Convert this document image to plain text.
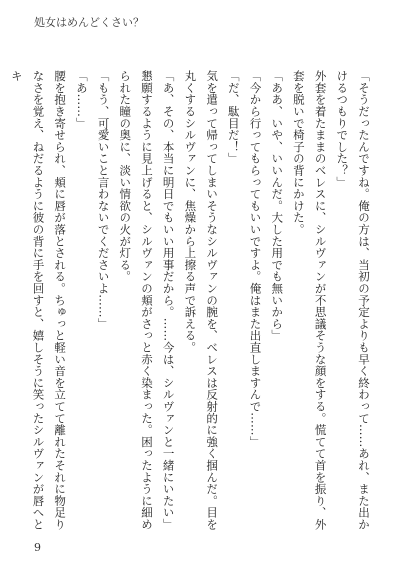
処女はめんどくさい？

「そうだったんですね。俺の方は、当初の予定よりも早く終わって……あれ、また出かけるつもりでした？」

外套を着たままのベレスに、シルヴァンが不思議そうな顔をする。慌てて首を振り、外套を脱いで椅子の背にかけた。

「ああ、いや、いいんだ。大した用でも無いから」

「今から行ってもらってもいいですよ。俺はまた出直しますんで……」

「だ、駄目だ！」

気を遣って帰ってしまいそうなシルヴァンの腕を、ベレスは反射的に強く掴んだ。目を丸くするシルヴァンに、焦燥から上擦る声で訴える。

「あ、その、本当に明日でもいい用事だから。……今は、シルヴァンと一緒にいたい」

懇願するように見上げると、シルヴァンの頬がさっと赤く染まった。困ったように細められた瞳の奥に、淡い情欲の火が灯る。

「もう、可愛いこと言わないでくださいよ……」

「あ……」

腰を抱き寄せられ、頬に唇が落とされる。ちゅっと軽い音を立てて離れたそれに物足りなさを覚え、ねだるように彼の背に手を回すと、嬉しそうに笑ったシルヴァンが唇へとキ

9
